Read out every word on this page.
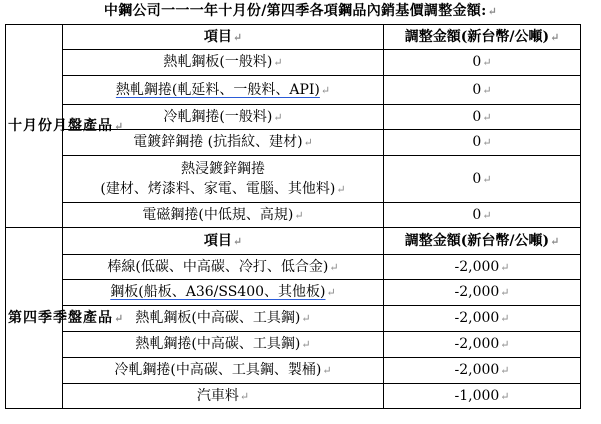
中鋼公司一一一年十月份/第四季各項鋼品內銷基價調整金額:↵
十月份月盤產品↵	項目↵	調整金額(新台幣/公噸)↵
	熱軋鋼板(一般料)↵	0↵
	熱軋鋼捲(軋延料、一般料、API)↵	0↵
	冷軋鋼捲(一般料)↵	0↵
	電鍍鋅鋼捲 (抗指紋、建材)↵	0↵

	熱浸鍍鋅鋼捲
(建材、烤漆料、家電、電腦、其他料)↵	0↵
	電磁鋼捲(中低規、高規)↵	0↵
第四季季盤產品↵	項目↵	調整金額(新台幣/公噸)↵
	棒線(低碳、中高碳、冷打、低合金)↵	-2,000↵
	鋼板(船板、A36/SS400、其他板)↵	-2,000↵
	熱軋鋼板(中高碳、工具鋼)↵	-2,000↵
	熱軋鋼捲(中高碳、工具鋼)↵	-2,000↵
	冷軋鋼捲(中高碳、工具鋼、製桶)↵	-2,000↵
	汽車料↵	-1,000↵
